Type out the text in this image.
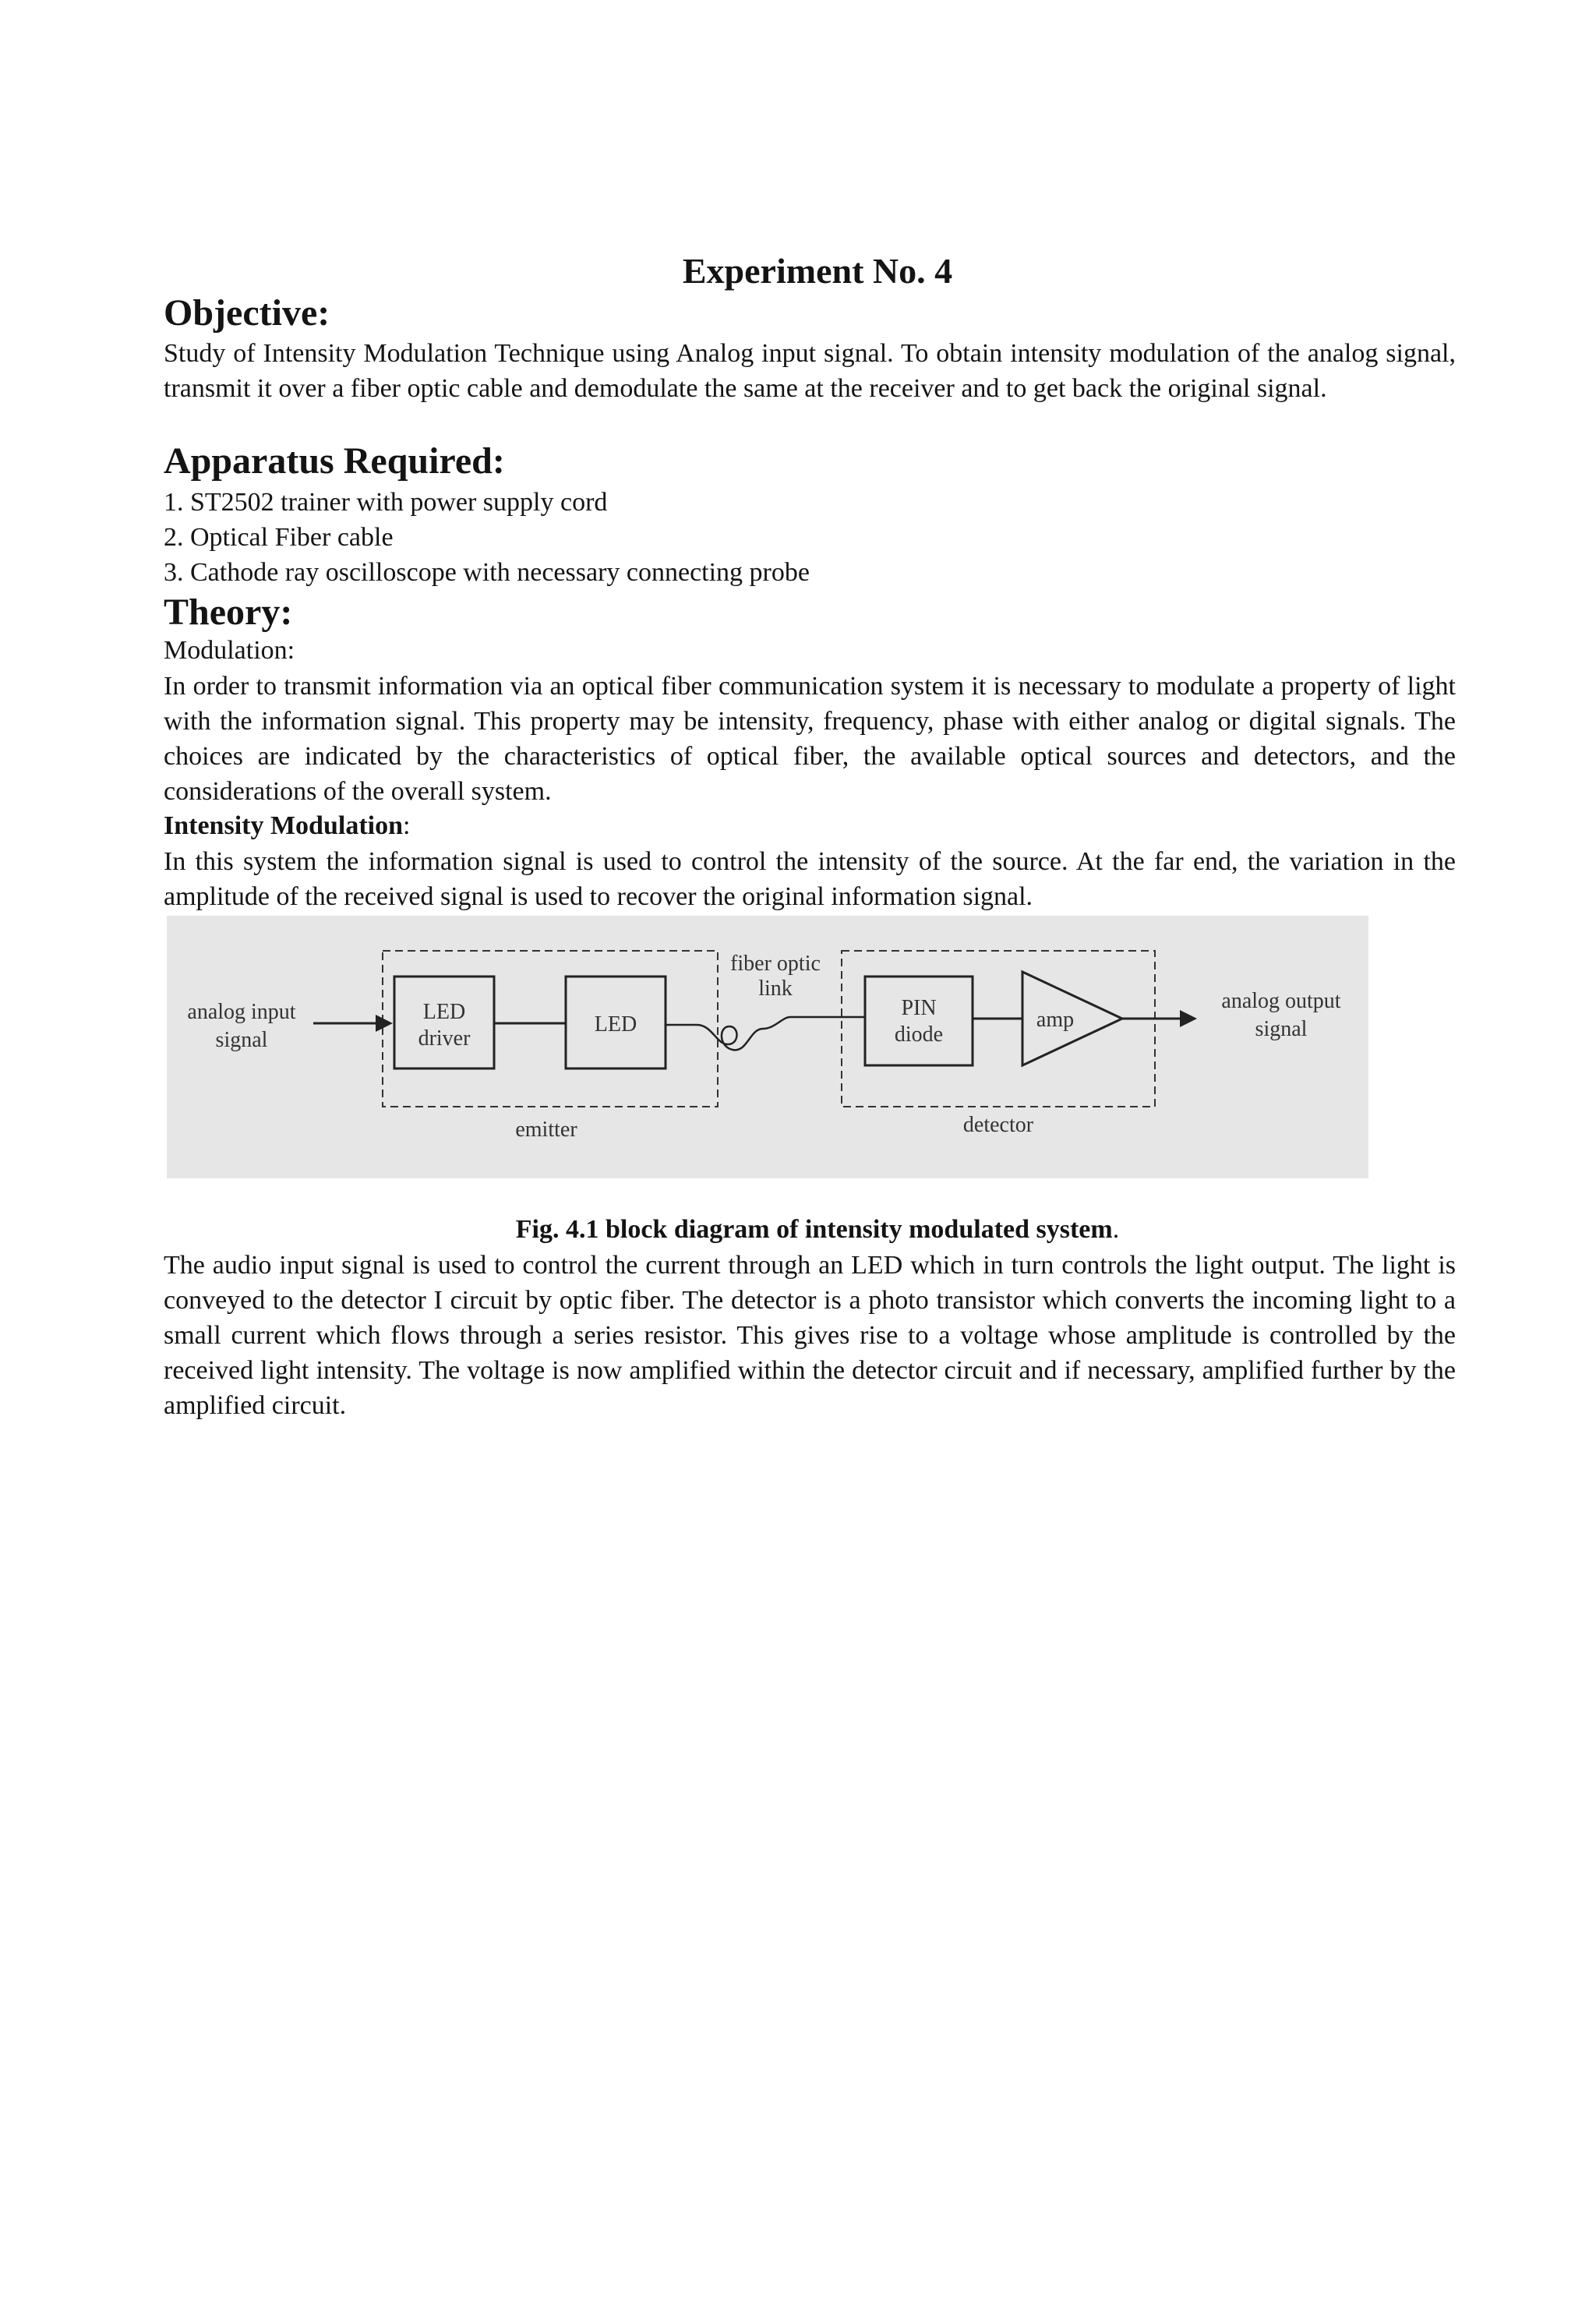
Experiment No. 4
Objective:

Study of Intensity Modulation Technique using Analog input signal. To obtain intensity modulation of the analog signal, transmit it over a fiber optic cable and demodulate the same at the receiver and to get back the original signal.

Apparatus Required:

1. ST2502 trainer with power supply cord

2. Optical Fiber cable

3. Cathode ray oscilloscope with necessary connecting probe

Theory:

Modulation:

In order to transmit information via an optical fiber communication system it is necessary to modulate a property of light with the information signal. This property may be intensity, frequency, phase with either analog or digital signals. The choices are indicated by the characteristics of optical fiber, the available optical sources and detectors, and the considerations of the overall system.

Intensity Modulation:

In this system the information signal is used to control the intensity of the source. At the far end, the variation in the amplitude of the received signal is used to recover the original information signal.

LED
driver
LED
fiber optic
link
PIN
diode
amp
analog input
signal
analog output
signal
emitter	detector

Fig. 4.1 block diagram of intensity modulated system.

The audio input signal is used to control the current through an LED which in turn controls the light output. The light is conveyed to the detector I circuit by optic fiber. The detector is a photo transistor which converts the incoming light to a small current which flows through a series resistor. This gives rise to a voltage whose amplitude is controlled by the received light intensity. The voltage is now amplified within the detector circuit and if necessary, amplified further by the amplified circuit.
